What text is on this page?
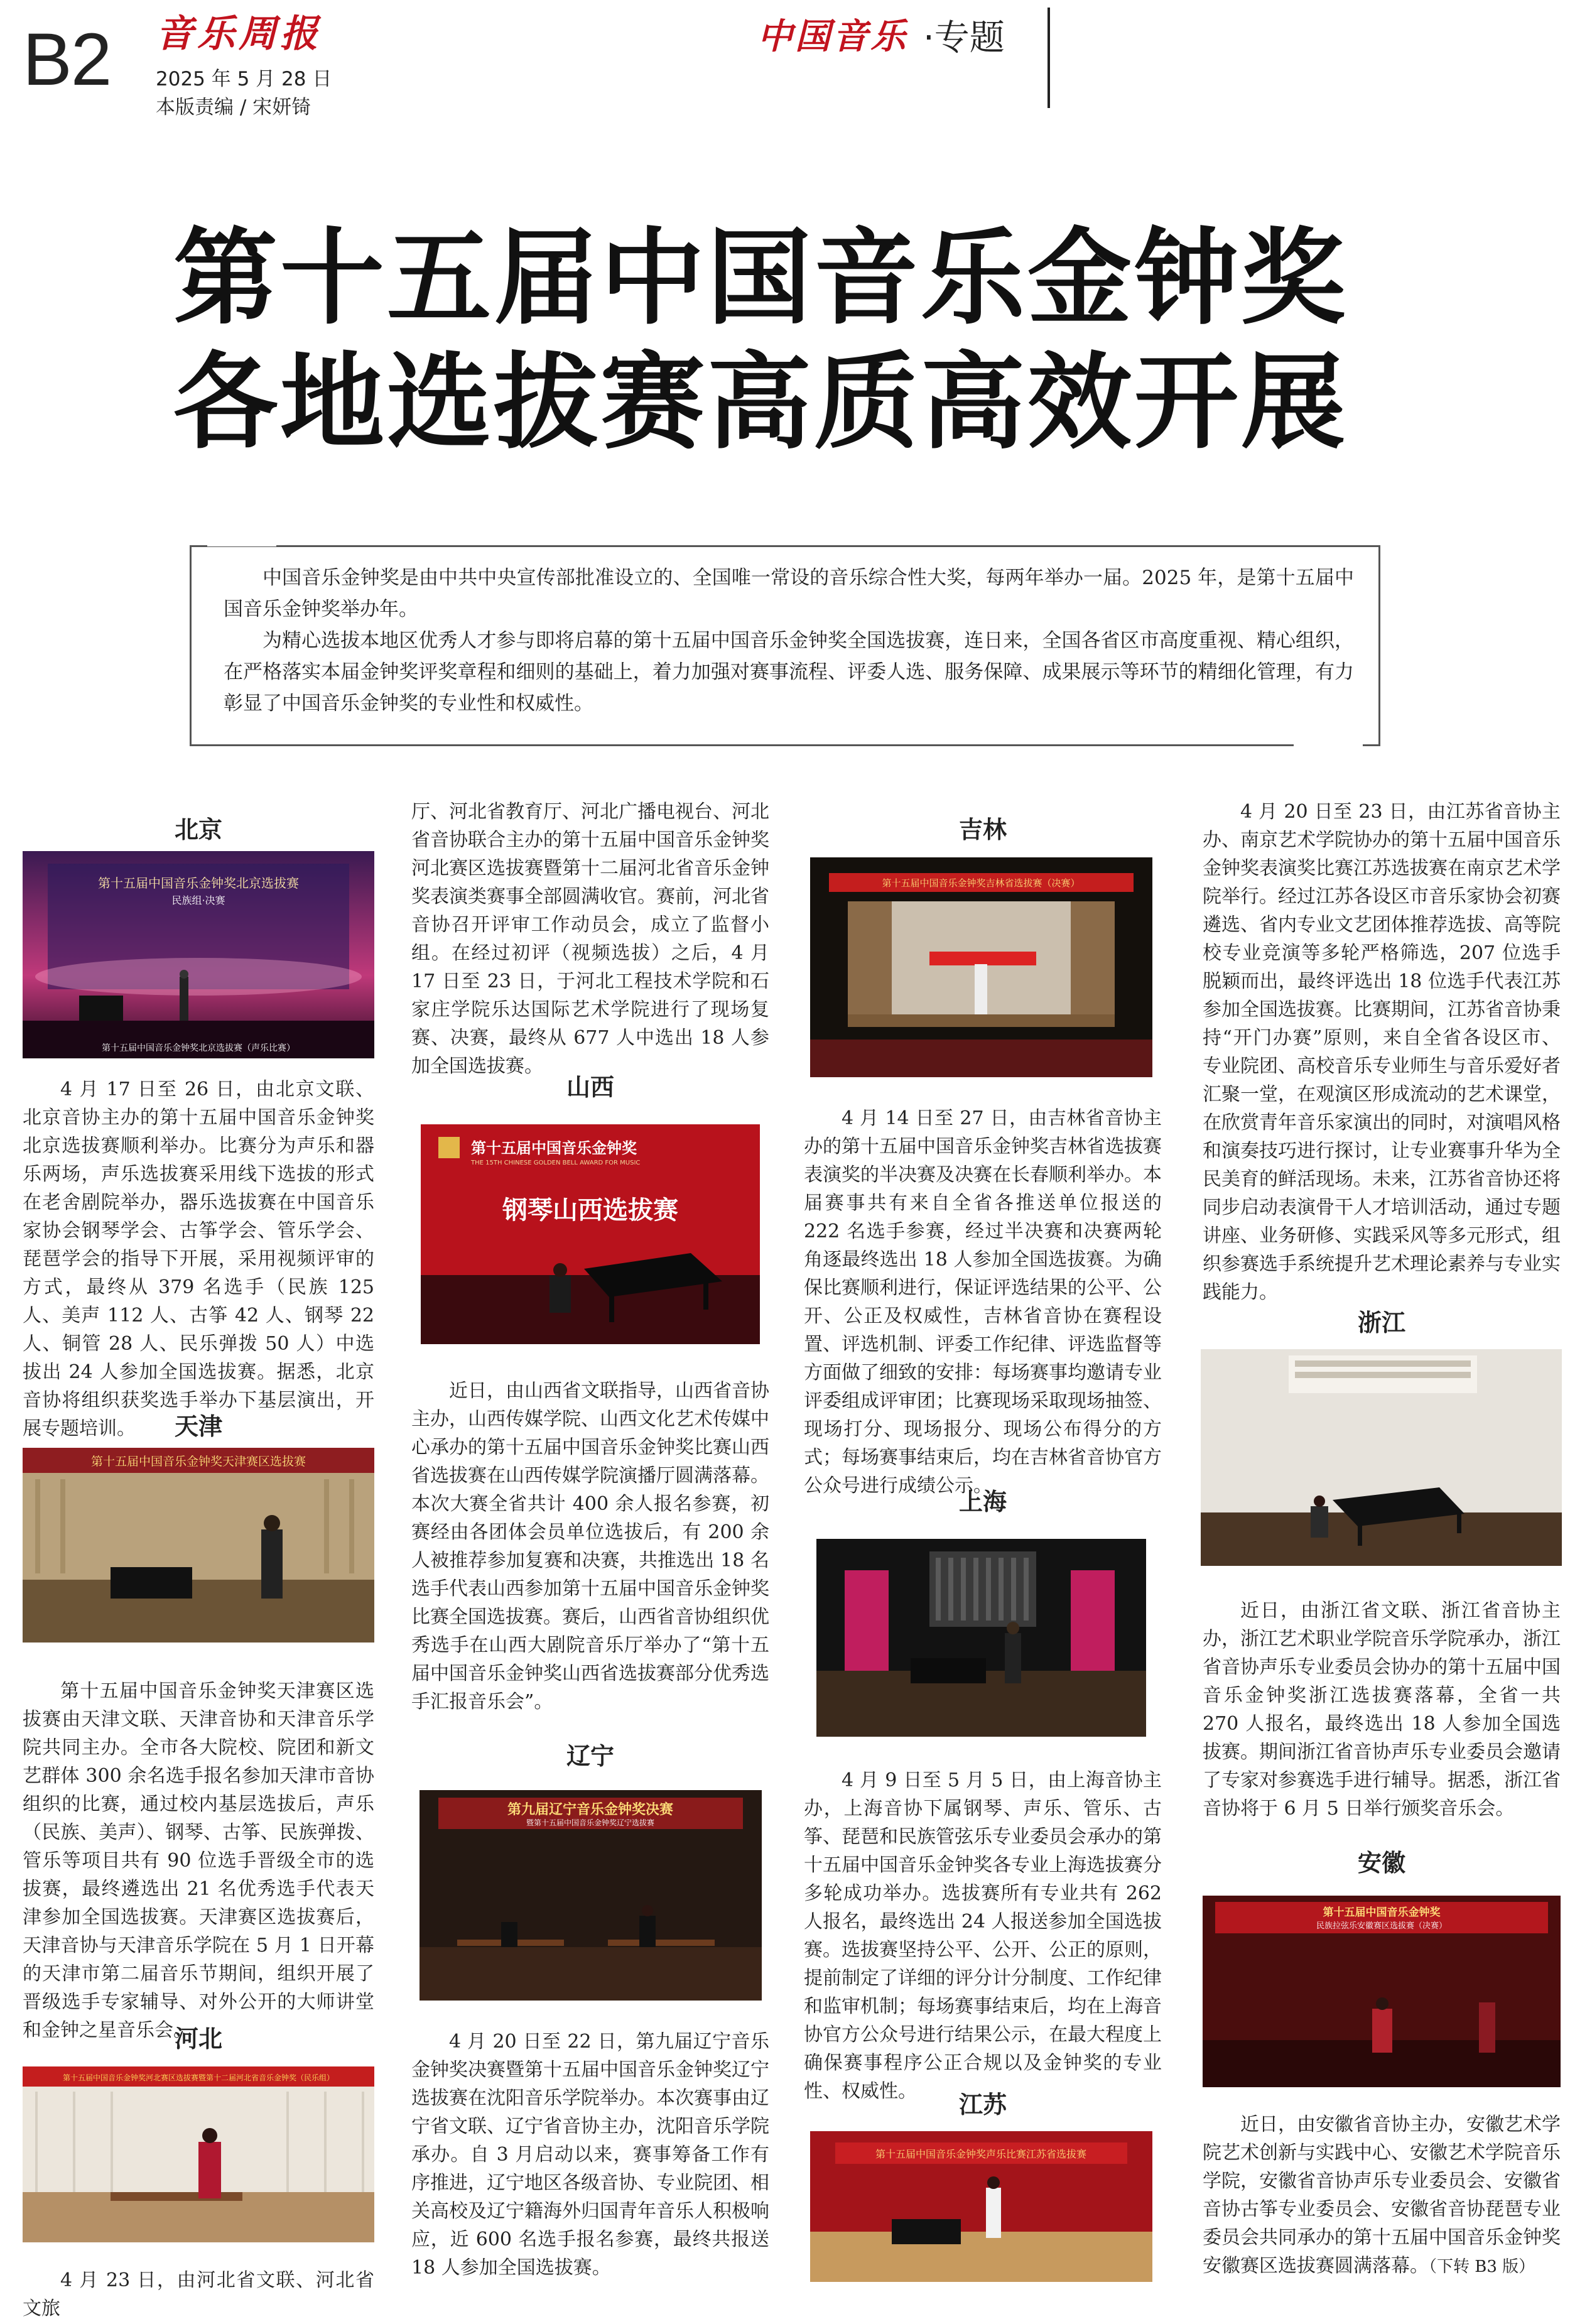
B2 音乐周报
2025 年 5 月 28 日
本版责编 / 宋妍锜
中国音乐 ·专题
第十五届中国音乐金钟奖
各地选拔赛高质高效开展

中国音乐金钟奖是由中共中央宣传部批准设立的、全国唯一常设的音乐综合性大奖，每两年举办一届。2025 年，是第十五届中国音乐金钟奖举办年。

为精心选拔本地区优秀人才参与即将启幕的第十五届中国音乐金钟奖全国选拔赛，连日来，全国各省区市高度重视、精心组织，在严格落实本届金钟奖评奖章程和细则的基础上，着力加强对赛事流程、评委人选、服务保障、成果展示等环节的精细化管理，有力彰显了中国音乐金钟奖的专业性和权威性。

北京
第十五届中国音乐金钟奖北京选拔赛
民族组·决赛
第十五届中国音乐金钟奖北京选拔赛（声乐比赛）

4 月 17 日至 26 日，由北京文联、北京音协主办的第十五届中国音乐金钟奖北京选拔赛顺利举办。比赛分为声乐和器乐两场，声乐选拔赛采用线下选拔的形式在老舍剧院举办，器乐选拔赛在中国音乐家协会钢琴学会、古筝学会、管乐学会、琵琶学会的指导下开展，采用视频评审的方式，最终从 379 名选手（民族 125 人、美声 112 人、古筝 42 人、钢琴 22 人、铜管 28 人、民乐弹拨 50 人）中选拔出 24 人参加全国选拔赛。据悉，北京音协将组织获奖选手举办下基层演出，开展专题培训。	天津
第十五届中国音乐金钟奖天津赛区选拔赛

第十五届中国音乐金钟奖天津赛区选拔赛由天津文联、天津音协和天津音乐学院共同主办。全市各大院校、院团和新文艺群体 300 余名选手报名参加天津市音协组织的比赛，通过校内基层选拔后，声乐（民族、美声）、钢琴、古筝、民族弹拨、管乐等项目共有 90 位选手晋级全市的选拔赛，最终遴选出 21 名优秀选手代表天津参加全国选拔赛。天津赛区选拔赛后，天津音协与天津音乐学院在 5 月 1 日开幕的天津市第二届音乐节期间，组织开展了晋级选手专家辅导、对外公开的大师讲堂和金钟之星音乐会。

河北
第十五届中国音乐金钟奖河北赛区选拔赛暨第十二届河北省音乐金钟奖（民乐组）

4 月 23 日，由河北省文联、河北省文旅

厅、河北省教育厅、河北广播电视台、河北省音协联合主办的第十五届中国音乐金钟奖河北赛区选拔赛暨第十二届河北省音乐金钟奖表演类赛事全部圆满收官。赛前，河北省音协召开评审工作动员会，成立了监督小组。在经过初评（视频选拔）之后，4 月 17 日至 23 日，于河北工程技术学院和石家庄学院乐达国际艺术学院进行了现场复赛、决赛，最终从 677 人中选出 18 人参加全国选拔赛。

山西
第十五届中国音乐金钟奖
THE 15TH CHINESE GOLDEN BELL AWARD FOR MUSIC
钢琴山西选拔赛

近日，由山西省文联指导，山西省音协主办，山西传媒学院、山西文化艺术传媒中心承办的第十五届中国音乐金钟奖比赛山西省选拔赛在山西传媒学院演播厅圆满落幕。本次大赛全省共计 400 余人报名参赛，初赛经由各团体会员单位选拔后，有 200 余人被推荐参加复赛和决赛，共推选出 18 名选手代表山西参加第十五届中国音乐金钟奖比赛全国选拔赛。赛后，山西省音协组织优秀选手在山西大剧院音乐厅举办了“第十五届中国音乐金钟奖山西省选拔赛部分优秀选手汇报音乐会”。

辽宁
第九届辽宁音乐金钟奖决赛
暨第十五届中国音乐金钟奖辽宁选拔赛

4 月 20 日至 22 日，第九届辽宁音乐金钟奖决赛暨第十五届中国音乐金钟奖辽宁选拔赛在沈阳音乐学院举办。本次赛事由辽宁省文联、辽宁省音协主办，沈阳音乐学院承办。自 3 月启动以来，赛事筹备工作有序推进，辽宁地区各级音协、专业院团、相关高校及辽宁籍海外归国青年音乐人积极响应，近 600 名选手报名参赛，最终共报送 18 人参加全国选拔赛。

吉林
第十五届中国音乐金钟奖吉林省选拔赛（决赛）

4 月 14 日至 27 日，由吉林省音协主办的第十五届中国音乐金钟奖吉林省选拔赛表演奖的半决赛及决赛在长春顺利举办。本届赛事共有来自全省各推送单位报送的 222 名选手参赛，经过半决赛和决赛两轮角逐最终选出 18 人参加全国选拔赛。为确保比赛顺利进行，保证评选结果的公平、公开、公正及权威性，吉林省音协在赛程设置、评选机制、评委工作纪律、评选监督等方面做了细致的安排：每场赛事均邀请专业评委组成评审团；比赛现场采取现场抽签、现场打分、现场报分、现场公布得分的方式；每场赛事结束后，均在吉林省音协官方公众号进行成绩公示。

上海

4 月 9 日至 5 月 5 日，由上海音协主办，上海音协下属钢琴、声乐、管乐、古筝、琵琶和民族管弦乐专业委员会承办的第十五届中国音乐金钟奖各专业上海选拔赛分多轮成功举办。选拔赛所有专业共有 262 人报名，最终选出 24 人报送参加全国选拔赛。选拔赛坚持公平、公开、公正的原则，提前制定了详细的评分计分制度、工作纪律和监审机制；每场赛事结束后，均在上海音协官方公众号进行结果公示，在最大程度上确保赛事程序公正合规以及金钟奖的专业性、权威性。	江苏
第十五届中国音乐金钟奖声乐比赛江苏省选拔赛

4 月 20 日至 23 日，由江苏省音协主办、南京艺术学院协办的第十五届中国音乐金钟奖表演奖比赛江苏选拔赛在南京艺术学院举行。经过江苏各设区市音乐家协会初赛遴选、省内专业文艺团体推荐选拔、高等院校专业竞演等多轮严格筛选，207 位选手脱颖而出，最终评选出 18 位选手代表江苏参加全国选拔赛。比赛期间，江苏省音协秉持“开门办赛”原则，来自全省各设区市、专业院团、高校音乐专业师生与音乐爱好者汇聚一堂，在观演区形成流动的艺术课堂，在欣赏青年音乐家演出的同时，对演唱风格和演奏技巧进行探讨，让专业赛事升华为全民美育的鲜活现场。未来，江苏省音协还将同步启动表演骨干人才培训活动，通过专题讲座、业务研修、实践采风等多元形式，组织参赛选手系统提升艺术理论素养与专业实践能力。

浙江

近日，由浙江省文联、浙江省音协主办，浙江艺术职业学院音乐学院承办，浙江省音协声乐专业委员会协办的第十五届中国音乐金钟奖浙江选拔赛落幕，全省一共 270 人报名，最终选出 18 人参加全国选拔赛。期间浙江省音协声乐专业委员会邀请了专家对参赛选手进行辅导。据悉，浙江省音协将于 6 月 5 日举行颁奖音乐会。

安徽
第十五届中国音乐金钟奖
民族拉弦乐安徽赛区选拔赛（决赛）

近日，由安徽省音协主办，安徽艺术学院艺术创新与实践中心、安徽艺术学院音乐学院，安徽省音协声乐专业委员会、安徽省音协古筝专业委员会、安徽省音协琵琶专业委员会共同承办的第十五届中国音乐金钟奖安徽赛区选拔赛圆满落幕。（下转 B3 版）
